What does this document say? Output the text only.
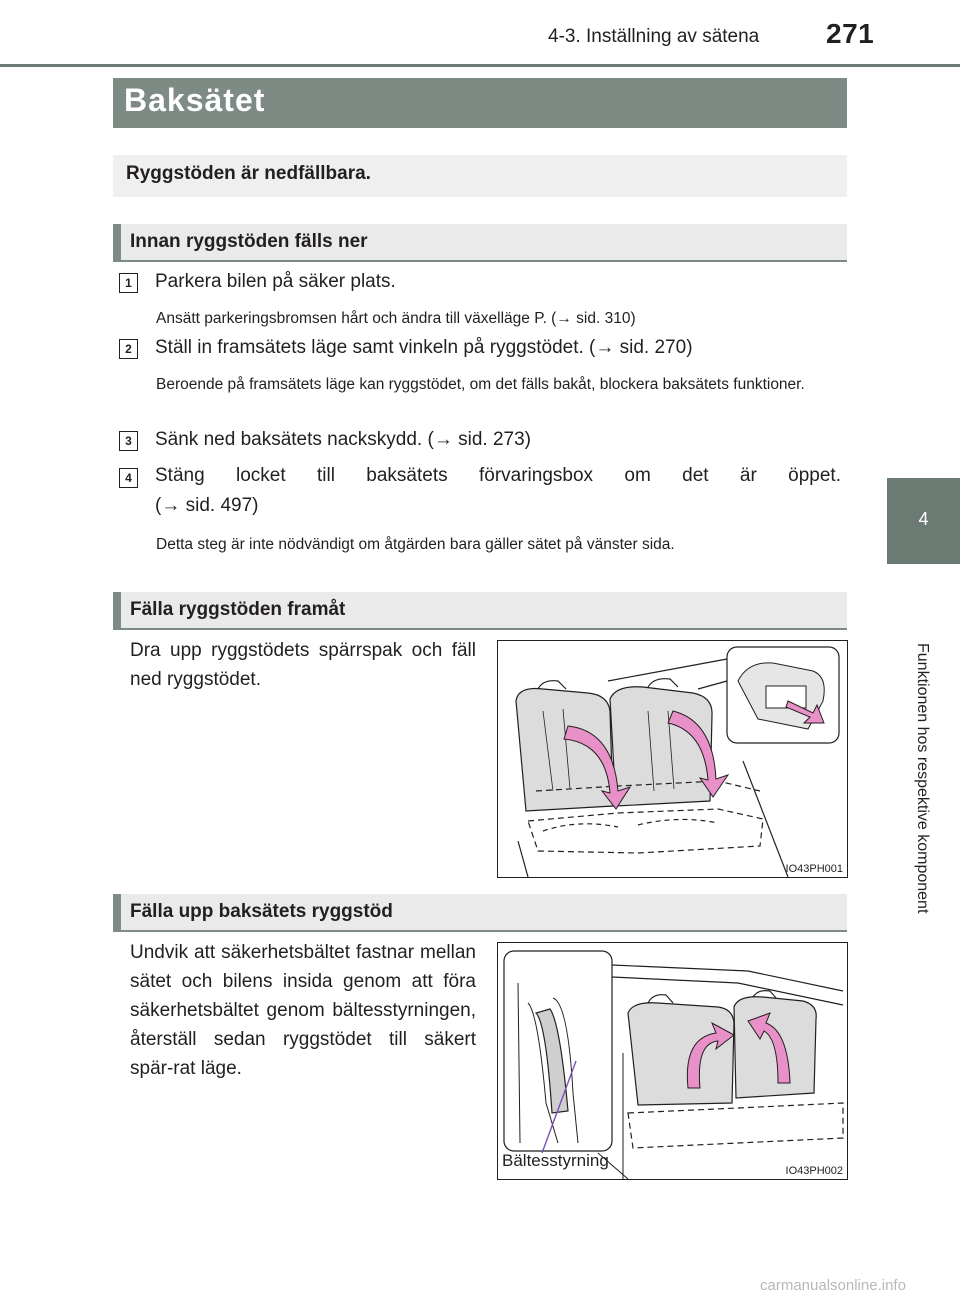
4-3. Inställning av sätena 271
4
Funktionen hos respektive komponent
Baksätet
Ryggstöden är nedfällbara.
Innan ryggstöden fälls ner
1	Parkera bilen på säker plats.
Ansätt parkeringsbromsen hårt och ändra till växelläge P. (→ sid. 310)
2	Ställ in framsätets läge samt vinkeln på ryggstödet. (→ sid. 270)
Beroende på framsätets läge kan ryggstödet, om det fälls bakåt, blockera baksätets funktioner.
3	Sänk ned baksätets nackskydd. (→ sid. 273)
4	Stäng locket till baksätets förvaringsbox om det är öppet.
(→ sid. 497)
Detta steg är inte nödvändigt om åtgärden bara gäller sätet på vänster sida.
Fälla ryggstöden framåt
Dra upp ryggstödets spärrspak och fäll ned ryggstödet.
IO43PH001
Fälla upp baksätets ryggstöd
Undvik att säkerhetsbältet fastnar mellan sätet och bilens insida genom att föra säkerhetsbältet genom bältesstyrningen, återställ sedan ryggstödet till säkert spär-rat läge.
Bältesstyrning
IO43PH002
carmanualsonline.info
